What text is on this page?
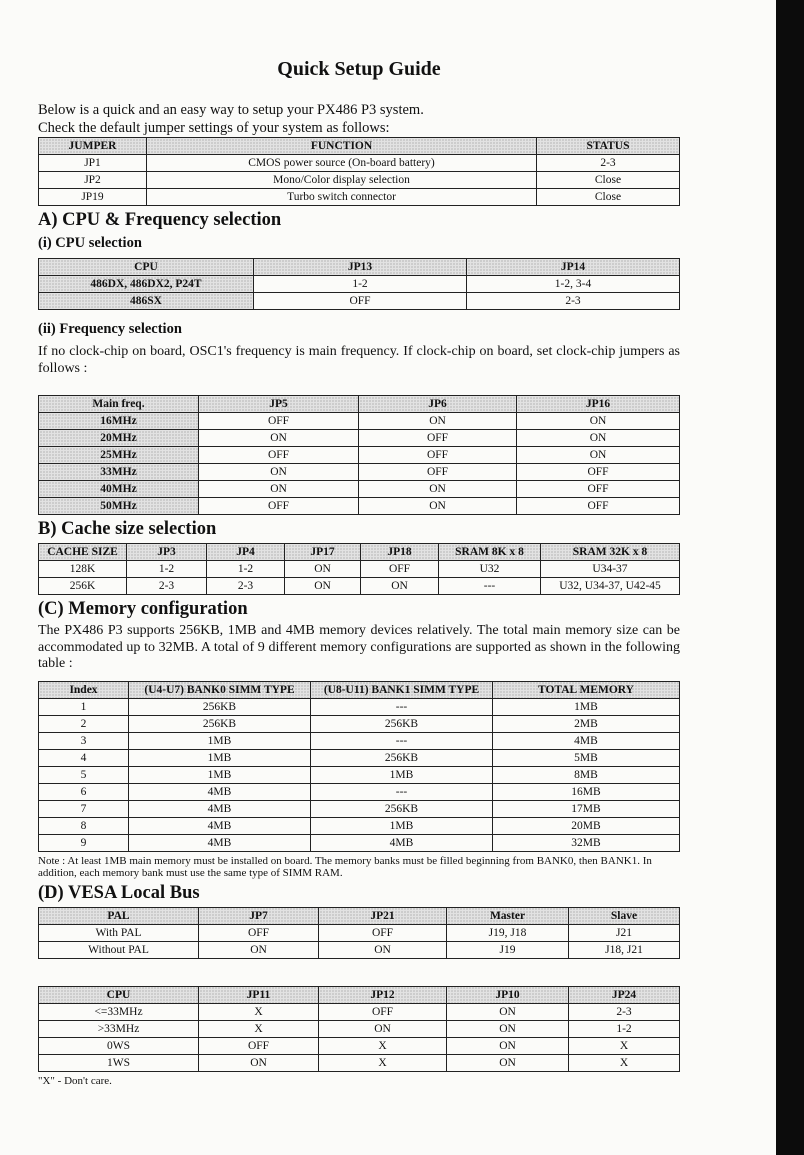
Quick Setup Guide

Below is a quick and an easy way to setup your PX486 P3 system.

Check the default jumper settings of your system as follows:

JUMPER	FUNCTION	STATUS
JP1	CMOS power source (On-board battery)	2-3
JP2	Mono/Color display selection	Close
JP19	Turbo switch connector	Close
A) CPU & Frequency selection
(i) CPU selection
CPU	JP13	JP14
486DX, 486DX2, P24T	1-2	1-2, 3-4
486SX	OFF	2-3
(ii) Frequency selection

If no clock-chip on board, OSC1's frequency is main frequency. If clock-chip on board, set clock-chip jumpers as follows :

Main freq.	JP5	JP6	JP16
16MHz	OFF	ON	ON
20MHz	ON	OFF	ON
25MHz	OFF	OFF	ON
33MHz	ON	OFF	OFF
40MHz	ON	ON	OFF
50MHz	OFF	ON	OFF
B) Cache size selection
CACHE SIZE	JP3	JP4	JP17	JP18	SRAM 8K x 8	SRAM 32K x 8
128K	1-2	1-2	ON	OFF	U32	U34-37
256K	2-3	2-3	ON	ON	---	U32, U34-37, U42-45
(C) Memory configuration

The PX486 P3 supports 256KB, 1MB and 4MB memory devices relatively. The total main memory size can be accommodated up to 32MB. A total of 9 different memory configurations are supported as shown in the following table :

Index	(U4-U7) BANK0 SIMM TYPE	(U8-U11) BANK1 SIMM TYPE	TOTAL MEMORY
1	256KB	---	1MB
2	256KB	256KB	2MB
3	1MB	---	4MB
4	1MB	256KB	5MB
5	1MB	1MB	8MB
6	4MB	---	16MB
7	4MB	256KB	17MB
8	4MB	1MB	20MB
9	4MB	4MB	32MB

Note : At least 1MB main memory must be installed on board. The memory banks must be filled beginning from BANK0, then BANK1. In addition, each memory bank must use the same type of SIMM RAM.

(D) VESA Local Bus
PAL	JP7	JP21	Master	Slave
With PAL	OFF	OFF	J19, J18	J21
Without PAL	ON	ON	J19	J18, J21
CPU	JP11	JP12	JP10	JP24
<=33MHz	X	OFF	ON	2-3
>33MHz	X	ON	ON	1-2
0WS	OFF	X	ON	X
1WS	ON	X	ON	X
"X" - Don't care.
